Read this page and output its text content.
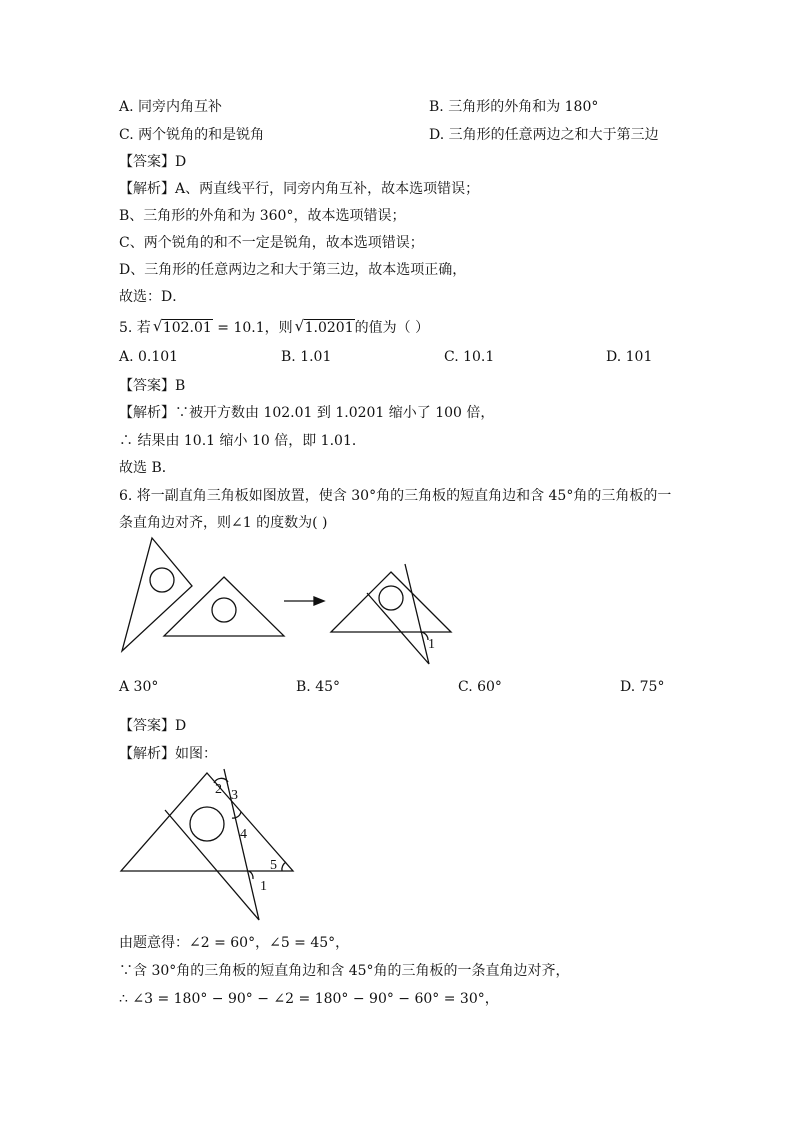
A. 同旁内角互补	B. 三角形的外角和为 180°
C. 两个锐角的和是锐角	D. 三角形的任意两边之和大于第三边
【答案】D
【解析】A、两直线平行，同旁内角互补，故本选项错误；
B、三角形的外角和为 360°，故本选项错误；
C、两个锐角的和不一定是锐角，故本选项错误；
D、三角形的任意两边之和大于第三边，故本选项正确，
故选：D．
5. 若 √ 102.01 = 10.1，则 √ 1.0201的值为（ ）
A. 0.101	B. 1.01	C. 10.1	D. 101
【答案】B
【解析】∵被开方数由 102.01 到 1.0201 缩小了 100 倍，
∴ 结果由 10.1 缩小 10 倍，即 1.01．
故选 B．
6. 将一副直角三角板如图放置，使含 30°角的三角板的短直角边和含 45°角的三角板的一
条直角边对齐，则∠1 的度数为( )
1
A 30°	B. 45°	C. 60°	D. 75°
【答案】D
【解析】如图：
2 3
4
5
1
由题意得：∠2 = 60°，∠5 = 45°，
∵含 30°角的三角板的短直角边和含 45°角的三角板的一条直角边对齐，
∴ ∠3 = 180° − 90° − ∠2 = 180° − 90° − 60° = 30°，
